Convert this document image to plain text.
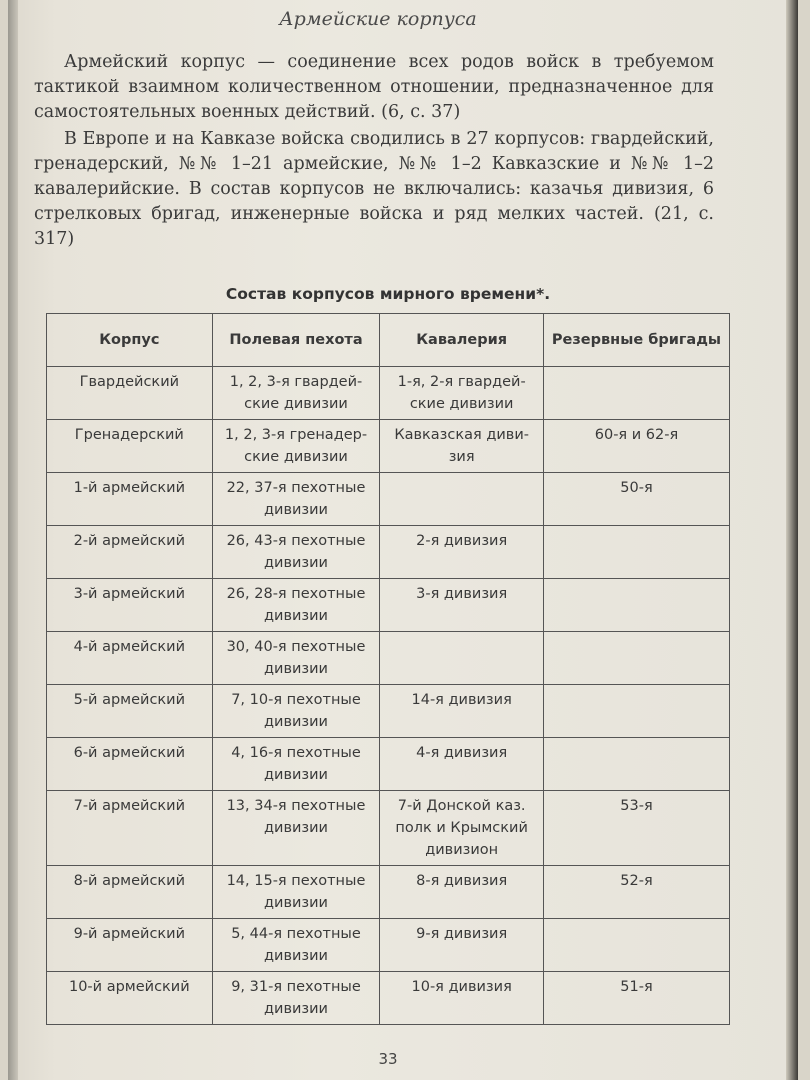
Армейские корпуса

Армейский корпус — соединение всех родов войск в требуемом тактикой взаимном количественном отношении, предназначенное для самостоятельных военных действий. (6, с. 37)

В Европе и на Кавказе войска сводились в 27 корпусов: гвардейский, гренадерский, №№ 1–21 армейские, №№ 1–2 Кавказские и №№ 1–2 кавалерийские. В состав корпусов не включались: казачья дивизия, 6 стрелковых бригад, инженерные войска и ряд мелких частей. (21, с. 317)

Состав корпусов мирного времени*.
Корпус	Полевая пехота	Кавалерия	Резервные бригады
Гвардейский	1, 2, 3-я гвардейские дивизии	1-я, 2-я гвардейские дивизии	
Гренадерский	1, 2, 3-я гренадерские дивизии	Кавказская дивизия	60-я и 62-я
1-й армейский	22, 37-я пехотные дивизии		50-я
2-й армейский	26, 43-я пехотные дивизии	2-я дивизия	
3-й армейский	26, 28-я пехотные дивизии	3-я дивизия	
4-й армейский	30, 40-я пехотные дивизии		
5-й армейский	7, 10-я пехотные дивизии	14-я дивизия	
6-й армейский	4, 16-я пехотные дивизии	4-я дивизия	
7-й армейский	13, 34-я пехотные дивизии	7-й Донской каз. полк и Крымский дивизион	53-я
8-й армейский	14, 15-я пехотные дивизии	8-я дивизия	52-я
9-й армейский	5, 44-я пехотные дивизии	9-я дивизия	
10-й армейский	9, 31-я пехотные дивизии	10-я дивизия	51-я
33
